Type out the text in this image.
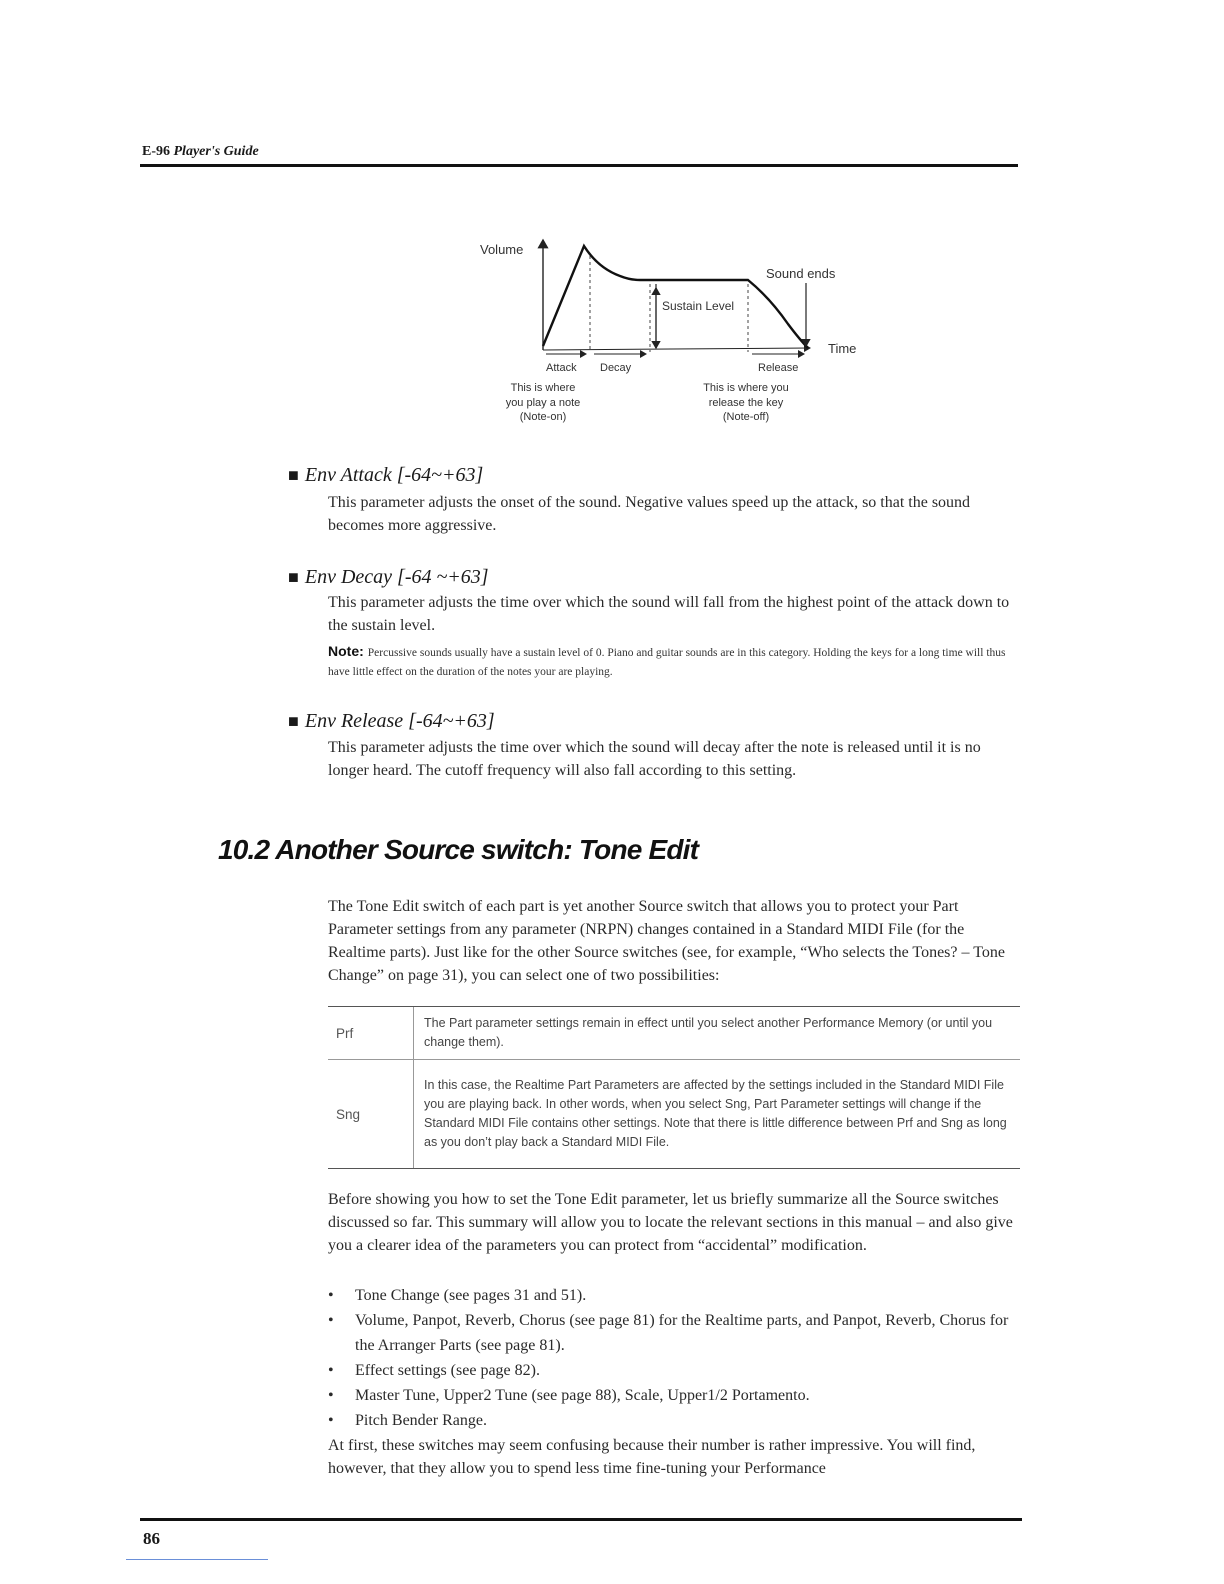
E-96 Player's Guide
Volume
Sound ends
Sustain Level
Time
Attack Decay	Release
This is where
you play a note
(Note-on)
This is where you
release the key
(Note-off)
■ Env Attack [-64~+63]
This parameter adjusts the onset of the sound. Negative values speed up the attack, so that the sound becomes more aggressive.
■ Env Decay [-64 ~+63]
This parameter adjusts the time over which the sound will fall from the highest point of the attack down to the sustain level.
Note: Percussive sounds usually have a sustain level of 0. Piano and guitar sounds are in this category. Holding the keys for a long time will thus have little effect on the duration of the notes your are playing.
■ Env Release [-64~+63]
This parameter adjusts the time over which the sound will decay after the note is released until it is no longer heard. The cutoff frequency will also fall according to this setting.
10.2 Another Source switch: Tone Edit
The Tone Edit switch of each part is yet another Source switch that allows you to protect your Part Parameter settings from any parameter (NRPN) changes contained in a Standard MIDI File (for the Realtime parts). Just like for the other Source switches (see, for example, “Who selects the Tones? – Tone Change” on page 31), you can select one of two possibilities:
Prf	The Part parameter settings remain in effect until you select another Performance Memory (or until you change them).
Sng	In this case, the Realtime Part Parameters are affected by the settings included in the Standard MIDI File you are playing back. In other words, when you select Sng, Part Parameter settings will change if the Standard MIDI File contains other settings. Note that there is little difference between Prf and Sng as long as you don’t play back a Standard MIDI File.
Before showing you how to set the Tone Edit parameter, let us briefly summarize all the Source switches discussed so far. This summary will allow you to locate the relevant sections in this manual – and also give you a clearer idea of the parameters you can protect from “accidental” modification.
• Tone Change (see pages 31 and 51).
• Volume, Panpot, Reverb, Chorus (see page 81) for the Realtime parts, and Panpot, Reverb, Chorus for the Arranger Parts (see page 81).
• Effect settings (see page 82).
• Master Tune, Upper2 Tune (see page 88), Scale, Upper1/2 Portamento.
• Pitch Bender Range.
At first, these switches may seem confusing because their number is rather impressive. You will find, however, that they allow you to spend less time fine-tuning your Performance
86
